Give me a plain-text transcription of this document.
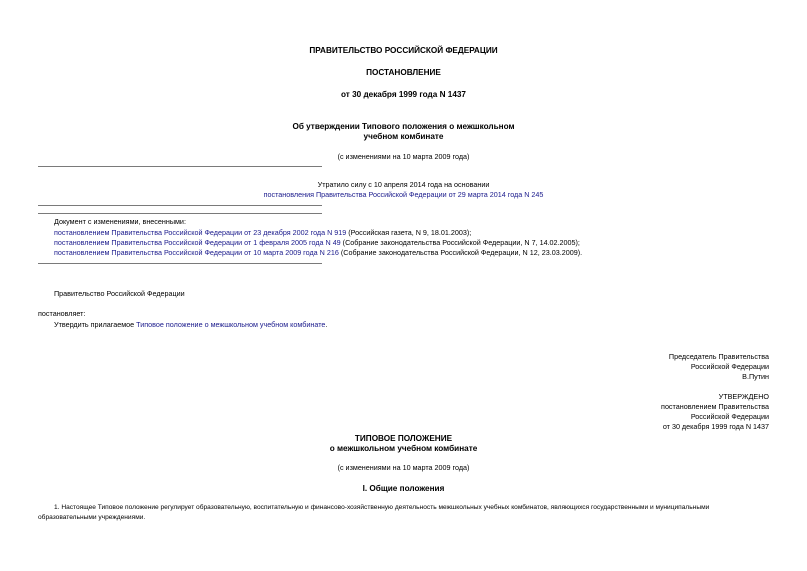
ПРАВИТЕЛЬСТВО РОССИЙСКОЙ ФЕДЕРАЦИИ
ПОСТАНОВЛЕНИЕ
от 30 декабря 1999 года N 1437
Об утверждении Типового положения о межшкольном
учебном комбинате
(с изменениями на 10 марта 2009 года)
Утратило силу с 10 апреля 2014 года на основании
постановления Правительства Российской Федерации от 29 марта 2014 года N 245
Документ с изменениями, внесенными:
постановлением Правительства Российской Федерации от 23 декабря 2002 года N 919 (Российская газета, N 9, 18.01.2003);
постановлением Правительства Российской Федерации от 1 февраля 2005 года N 49 (Собрание законодательства Российской Федерации, N 7, 14.02.2005);
постановлением Правительства Российской Федерации от 10 марта 2009 года N 216 (Собрание законодательства Российской Федерации, N 12, 23.03.2009).
Правительство Российской Федерации
постановляет:
Утвердить прилагаемое Типовое положение о межшкольном учебном комбинате.
Председатель Правительства
Российской Федерации
В.Путин
УТВЕРЖДЕНО
постановлением Правительства
Российской Федерации
от 30 декабря 1999 года N 1437
ТИПОВОЕ ПОЛОЖЕНИЕ
о межшкольном учебном комбинате
(с изменениями на 10 марта 2009 года)
I. Общие положения
1. Настоящее Типовое положение регулирует образовательную, воспитательную и финансово-хозяйственную деятельность межшкольных учебных комбинатов, являющихся государственными и муниципальными
образовательными учреждениями.
